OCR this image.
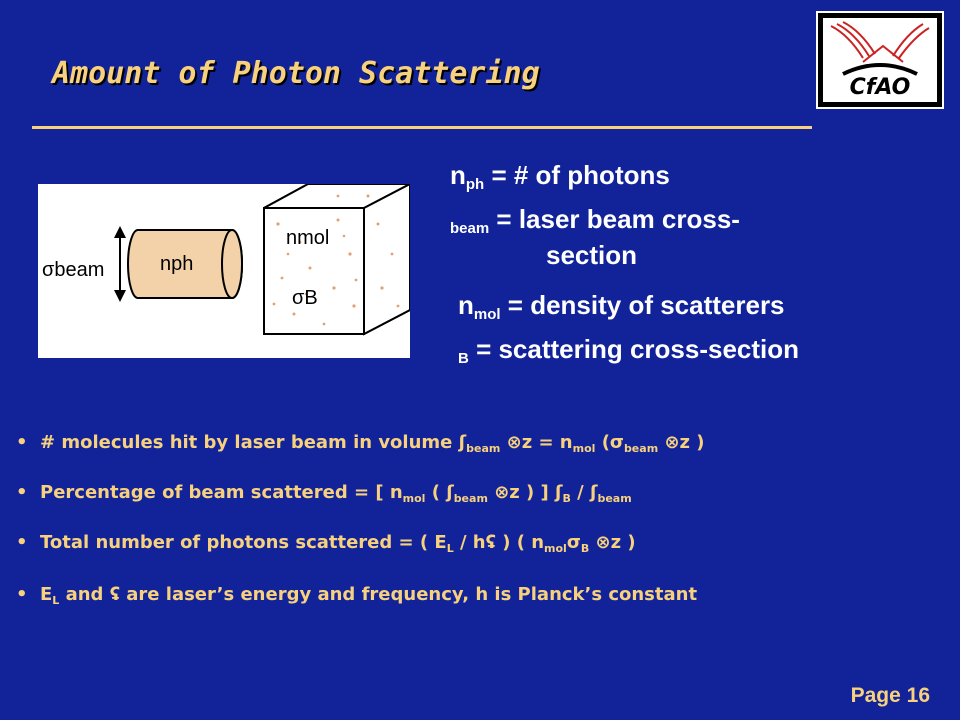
Amount of Photon Scattering	CfAO
σbeam	nph
nmol
σB
$n_{ph}$ = # of photons
$_{beam}$ = laser beam cross-
section
$n_{mol}$ = density of scatterers
$_B$ = scattering cross-section
• # molecules hit by laser beam in volume ʃ$_{beam}$ ⊗z = $n_{mol}$ ($\sigma_{beam}$ ⊗z )
• Percentage of beam scattered = [ $n_{mol}$ ( ʃ$_{beam}$ ⊗z ) ] ʃ$_B$ / ʃ$_{beam}$
• Total number of photons scattered = ( $E_L$ / hʢ ) ( $n_{mol}\sigma_B$ ⊗z )
• $E_L$ and ʢ are laser’s energy and frequency, h is Planck’s constant
Page 16
